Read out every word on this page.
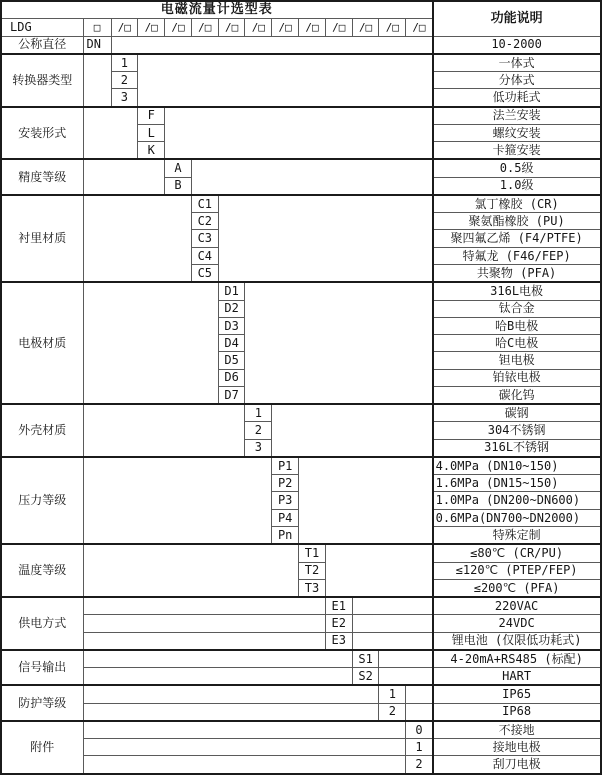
电磁流量计选型表														功能说明
LDG	□	/□	/□	/□	/□	/□	/□	/□	/□	/□	/□	/□	/□	
公称直径	DN													10-2000
转换器类型		1												一体式
		2												分体式
		3												低功耗式
安装形式			F											法兰安装
			L											螺纹安装
			K											卡箍安装
精度等级				A										0.5级
				B										1.0级
衬里材质					C1									氯丁橡胶 (CR)
					C2									聚氨酯橡胶 (PU)
					C3									聚四氟乙烯 (F4/PTFE)
					C4									特氟龙 (F46/FEP)
					C5									共聚物 (PFA)
电极材质						D1								316L电极
						D2								钛合金
						D3								哈B电极
						D4								哈C电极
						D5								钽电极
						D6								铂铱电极
						D7								碳化钨
外壳材质							1							碳钢
							2							304不锈钢
							3							316L不锈钢
压力等级								P1						4.0MPa (DN10~150)
								P2						1.6MPa (DN15~150)
								P3						1.0MPa (DN200~DN600)
								P4						0.6MPa(DN700~DN2000)
								Pn						特殊定制
温度等级									T1					≤80℃ (CR/PU)
									T2					≤120℃ (PTEP/FEP)
									T3					≤200℃ (PFA)
供电方式										E1				220VAC
										E2				24VDC
										E3				锂电池 (仅限低功耗式)
信号输出											S1			4-20mA+RS485 (标配)
											S2			HART
防护等级												1		IP65
												2		IP68
附件													0	不接地
													1	接地电极
													2	刮刀电极
